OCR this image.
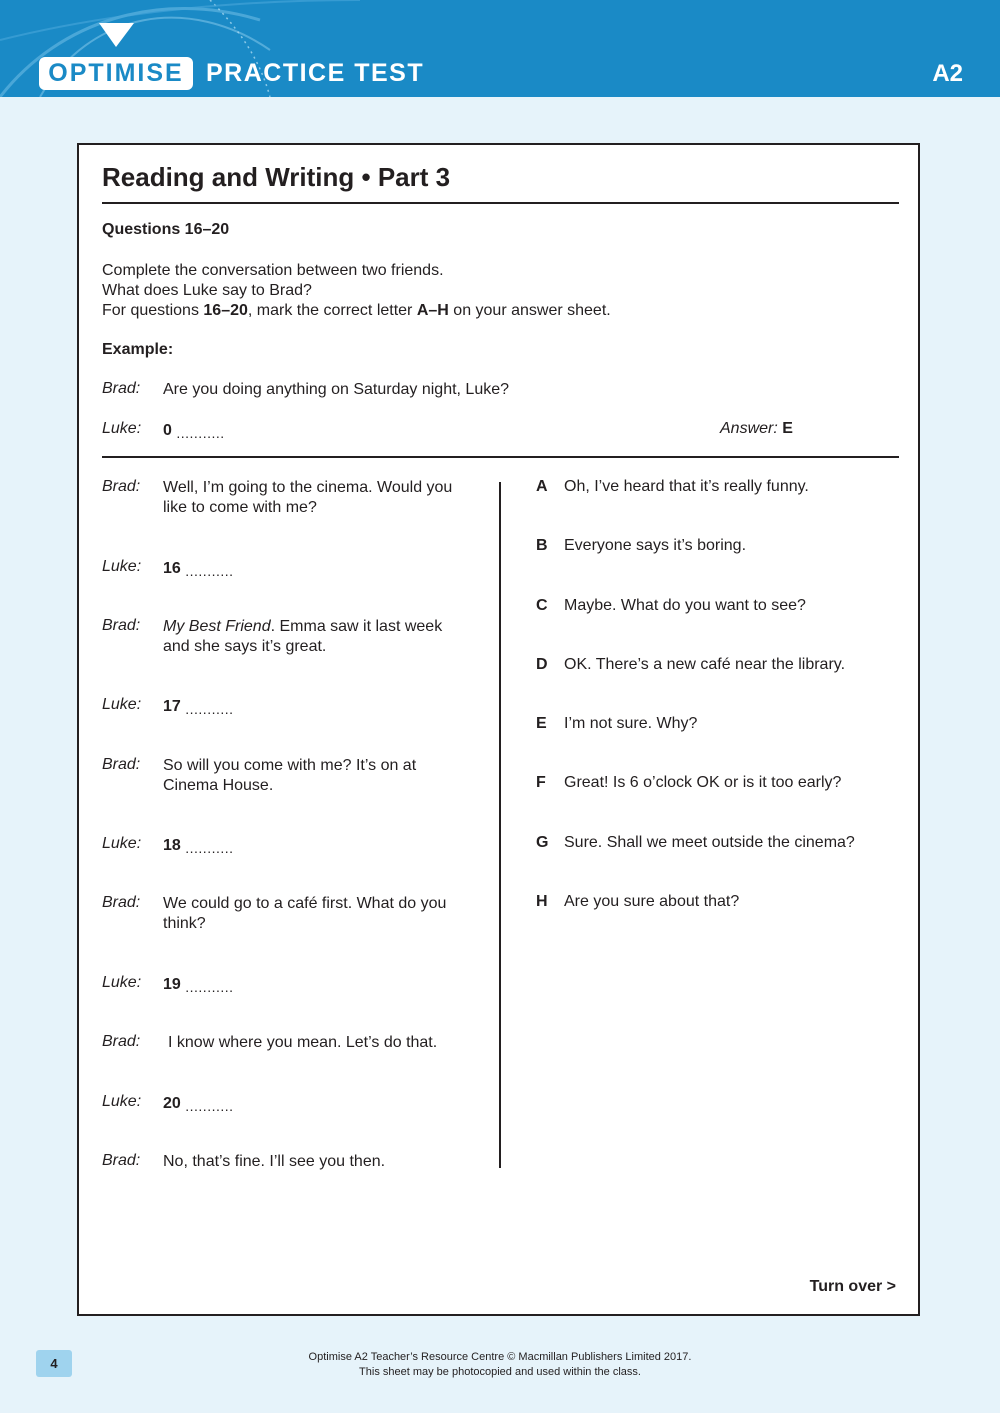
OPTIMISE PRACTICE TEST	A2
Reading and Writing • Part 3
Questions 16–20
Complete the conversation between two friends.
What does Luke say to Brad?
For questions 16–20, mark the correct letter A–H on your answer sheet.
Example:
Brad: Are you doing anything on Saturday night, Luke?
Luke: 0 ...........	Answer: E
Brad: Well, I’m going to the cinema. Would you like to come with me?
Luke: 16 ...........
Brad: My Best Friend. Emma saw it last week and she says it’s great.
Luke: 17 ...........
Brad: So will you come with me? It’s on at Cinema House.
Luke: 18 ...........
Brad: We could go to a café first. What do you think?
Luke: 19 ...........
Brad: I know where you mean. Let’s do that.
Luke: 20 ...........
Brad: No, that’s fine. I’ll see you then.
A Oh, I’ve heard that it’s really funny.
B Everyone says it’s boring.
C Maybe. What do you want to see?
D OK. There’s a new café near the library.
E I’m not sure. Why?
F Great! Is 6 o’clock OK or is it too early?
G Sure. Shall we meet outside the cinema?
H Are you sure about that?
Turn over >
4	Optimise A2 Teacher’s Resource Centre © Macmillan Publishers Limited 2017.
This sheet may be photocopied and used within the class.
